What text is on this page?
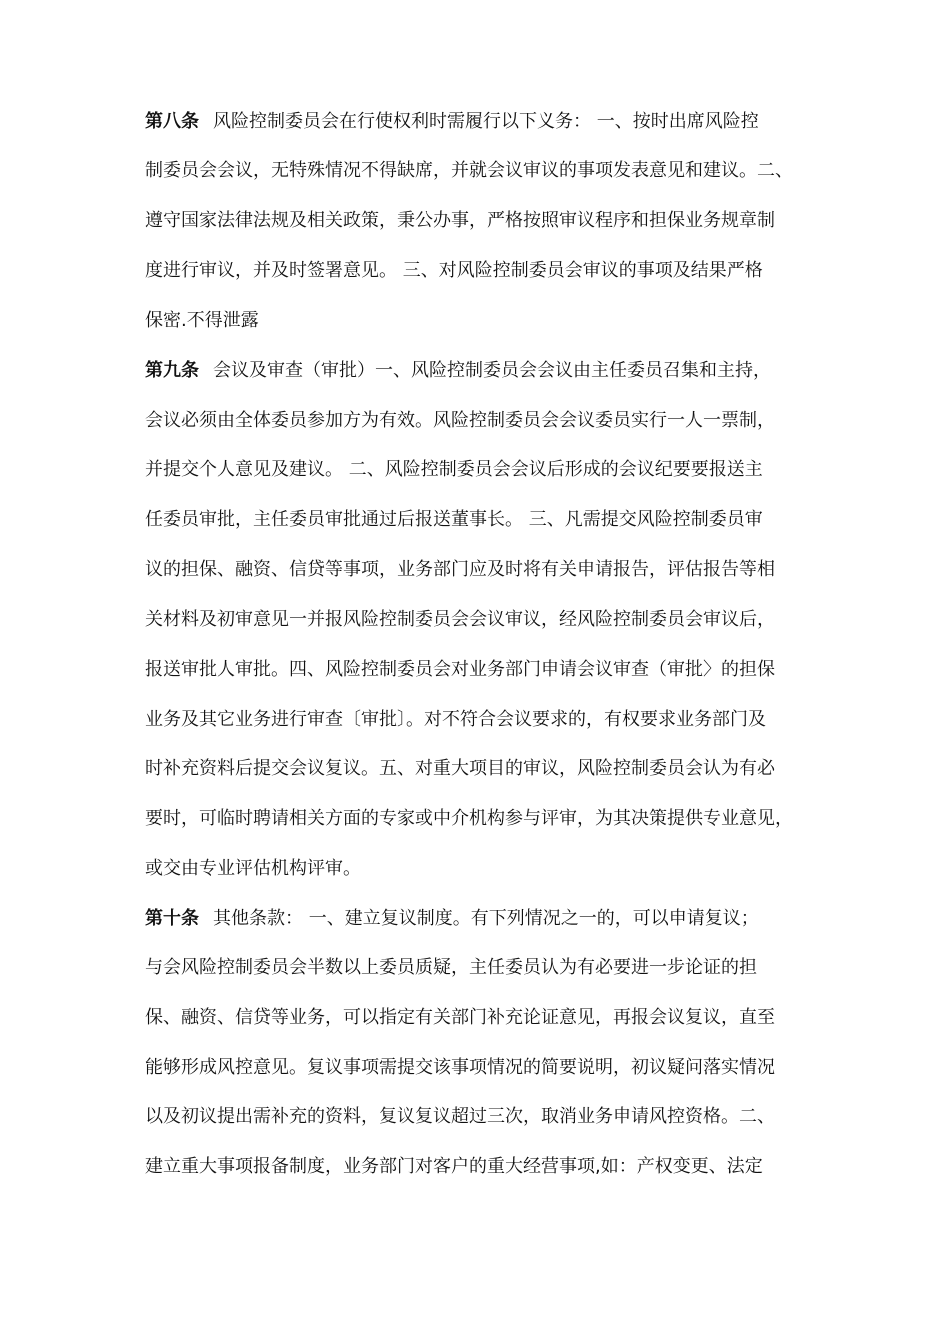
第八条 风险控制委员会在行使权利时需履行以下义务： 一、按时出席风险控
制委员会会议，无特殊情况不得缺席，并就会议审议的事项发表意见和建议。二、
遵守国家法律法规及相关政策，秉公办事，严格按照审议程序和担保业务规章制
度进行审议，并及时签署意见。 三、对风险控制委员会审议的事项及结果严格
保密.不得泄露
第九条 会议及审查（审批）一、风险控制委员会会议由主任委员召集和主持，
会议必须由全体委员参加方为有效。风险控制委员会会议委员实行一人一票制，
并提交个人意见及建议。 二、风险控制委员会会议后形成的会议纪要要报送主
任委员审批，主任委员审批通过后报送董事长。 三、凡需提交风险控制委员审
议的担保、融资、信贷等事项，业务部门应及时将有关申请报告，评估报告等相
关材料及初审意见一并报风险控制委员会会议审议，经风险控制委员会审议后，
报送审批人审批。四、风险控制委员会对业务部门申请会议审查（审批〉的担保
业务及其它业务进行审查〔审批〕。对不符合会议要求的，有权要求业务部门及
时补充资料后提交会议复议。五、对重大项目的审议，风险控制委员会认为有必
要时，可临时聘请相关方面的专家或中介机构参与评审，为其决策提供专业意见，
或交由专业评估机构评审。
第十条 其他条款： 一、建立复议制度。有下列情况之一的，可以申请复议；
与会风险控制委员会半数以上委员质疑，主任委员认为有必要进一步论证的担
保、融资、信贷等业务，可以指定有关部门补充论证意见，再报会议复议，直至
能够形成风控意见。复议事项需提交该事项情况的简要说明，初议疑问落实情况
以及初议提出需补充的资料，复议复议超过三次，取消业务申请风控资格。二、
建立重大事项报备制度，业务部门对客户的重大经营事项,如：产权变更、法定
